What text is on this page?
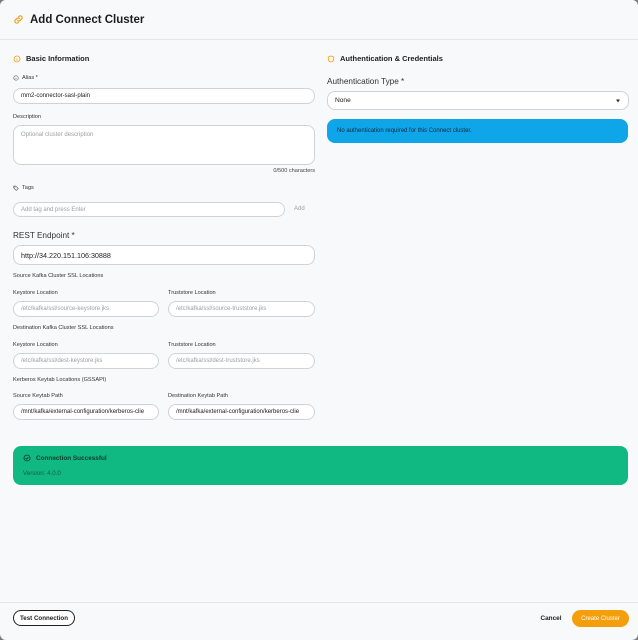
Add Connect Cluster
Basic Information
Alias *
mm2-connector-sasl-plain
Description
Optional cluster description
0/500 characters
Tags
Add tag and press Enter	Add
REST Endpoint *
http://34.220.151.106:30888
Source Kafka Cluster SSL Locations
Keystore Location	Truststore Location
/etc/kafka/ssl/source-keystore.jks	/etc/kafka/ssl/source-truststore.jks
Destination Kafka Cluster SSL Locations
Keystore Location	Truststore Location
/etc/kafka/ssl/dest-keystore.jks	/etc/kafka/ssl/dest-truststore.jks
Kerberos Keytab Locations (GSSAPI)
Source Keytab Path	Destination Keytab Path
/mnt/kafka/external-configuration/kerberos-clie	/mnt/kafka/external-configuration/kerberos-clie
Authentication & Credentials
Authentication Type *
None
No authentication required for this Connect cluster.
Connection Successful
Version: 4.0.0
Test Connection	Cancel	Create Cluster
